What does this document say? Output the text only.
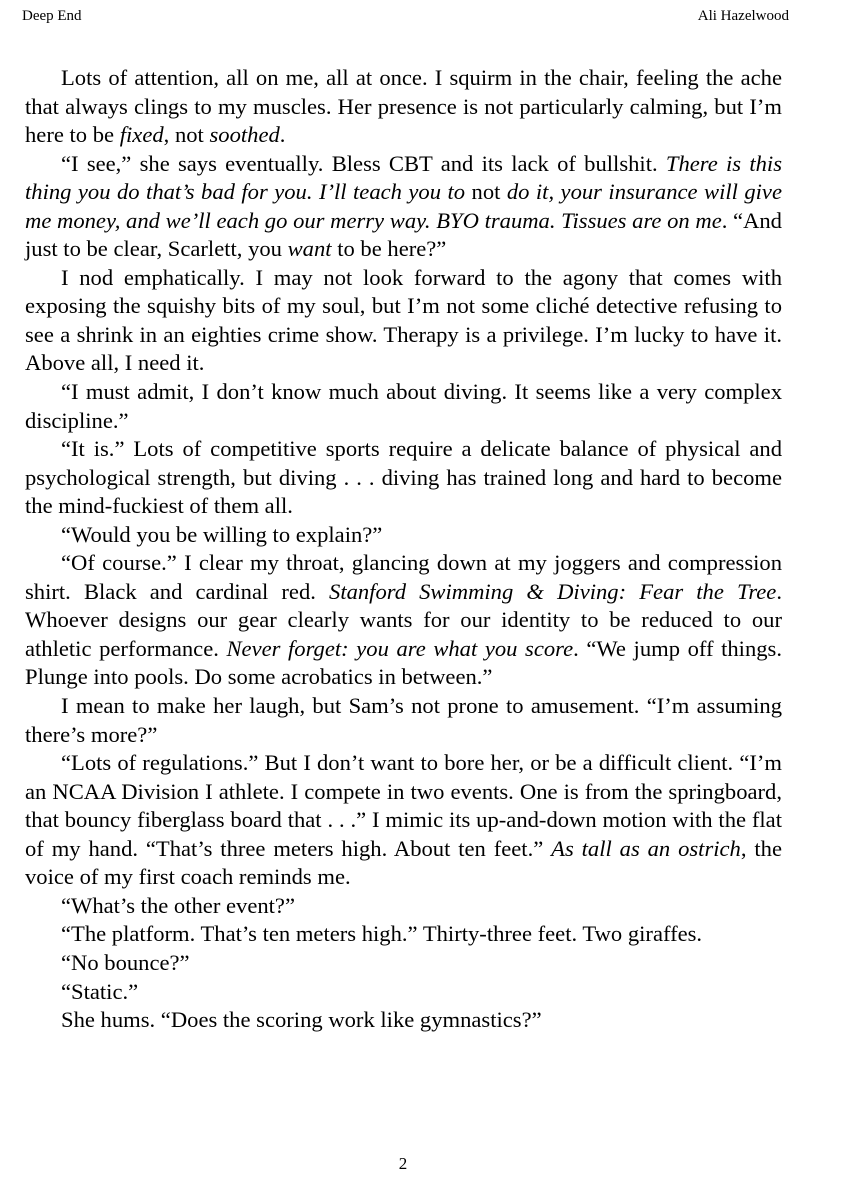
Deep End	Ali Hazelwood

Lots of attention, all on me, all at once. I squirm in the chair, feeling the ache that always clings to my muscles. Her presence is not particularly calming, but I’m here to be fixed, not soothed.

“I see,” she says eventually. Bless CBT and its lack of bullshit. There is this thing you do that’s bad for you. I’ll teach you to not do it, your insurance will give me money, and we’ll each go our merry way. BYO trauma. Tissues are on me. “And just to be clear, Scarlett, you want to be here?”

I nod emphatically. I may not look forward to the agony that comes with exposing the squishy bits of my soul, but I’m not some cliché detective refusing to see a shrink in an eighties crime show. Therapy is a privilege. I’m lucky to have it. Above all, I need it.

“I must admit, I don’t know much about diving. It seems like a very complex discipline.”

“It is.” Lots of competitive sports require a delicate balance of physical and psychological strength, but diving . . . diving has trained long and hard to become the mind-fuckiest of them all.

“Would you be willing to explain?”

“Of course.” I clear my throat, glancing down at my joggers and compression shirt. Black and cardinal red. Stanford Swimming & Diving: Fear the Tree. Whoever designs our gear clearly wants for our identity to be reduced to our athletic performance. Never forget: you are what you score. “We jump off things. Plunge into pools. Do some acrobatics in between.”

I mean to make her laugh, but Sam’s not prone to amusement. “I’m assuming there’s more?”

“Lots of regulations.” But I don’t want to bore her, or be a difficult client. “I’m an NCAA Division I athlete. I compete in two events. One is from the springboard, that bouncy fiberglass board that . . .” I mimic its up-and-down motion with the flat of my hand. “That’s three meters high. About ten feet.” As tall as an ostrich, the voice of my first coach reminds me.

“What’s the other event?”

“The platform. That’s ten meters high.” Thirty-three feet. Two giraffes.

“No bounce?”

“Static.”

She hums. “Does the scoring work like gymnastics?”

2
